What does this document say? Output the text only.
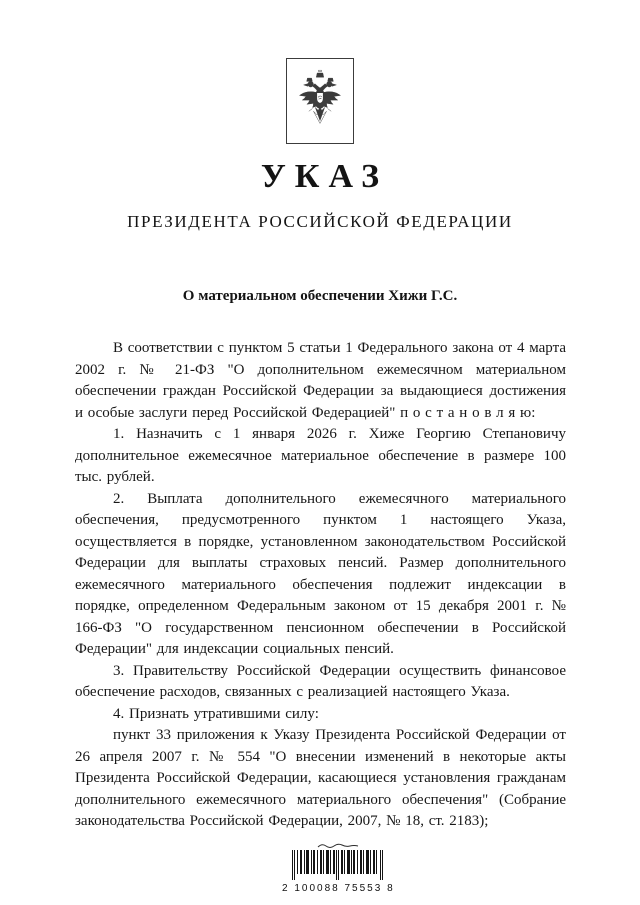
УКАЗ
ПРЕЗИДЕНТА РОССИЙСКОЙ ФЕДЕРАЦИИ
О материальном обеспечении Хижи Г.С.

В соответствии с пунктом 5 статьи 1 Федерального закона от 4 марта 2002 г. № 21-ФЗ "О дополнительном ежемесячном материальном обеспечении граждан Российской Федерации за выдающиеся достижения и особые заслуги перед Российской Федерацией" п о с т а н о в л я ю:

1. Назначить с 1 января 2026 г. Хиже Георгию Степановичу дополнительное ежемесячное материальное обеспечение в размере 100 тыс. рублей.

2. Выплата дополнительного ежемесячного материального обеспечения, предусмотренного пунктом 1 настоящего Указа, осуществляется в порядке, установленном законодательством Российской Федерации для выплаты страховых пенсий. Размер дополнительного ежемесячного материального обеспечения подлежит индексации в порядке, определенном Федеральным законом от 15 декабря 2001 г. № 166-ФЗ "О государственном пенсионном обеспечении в Российской Федерации" для индексации социальных пенсий.

3. Правительству Российской Федерации осуществить финансовое обеспечение расходов, связанных с реализацией настоящего Указа.

4. Признать утратившими силу:

пункт 33 приложения к Указу Президента Российской Федерации от 26 апреля 2007 г. № 554 "О внесении изменений в некоторые акты Президента Российской Федерации, касающиеся установления гражданам дополнительного ежемесячного материального обеспечения" (Собрание законодательства Российской Федерации, 2007, № 18, ст. 2183);

2 100088 75553 8
